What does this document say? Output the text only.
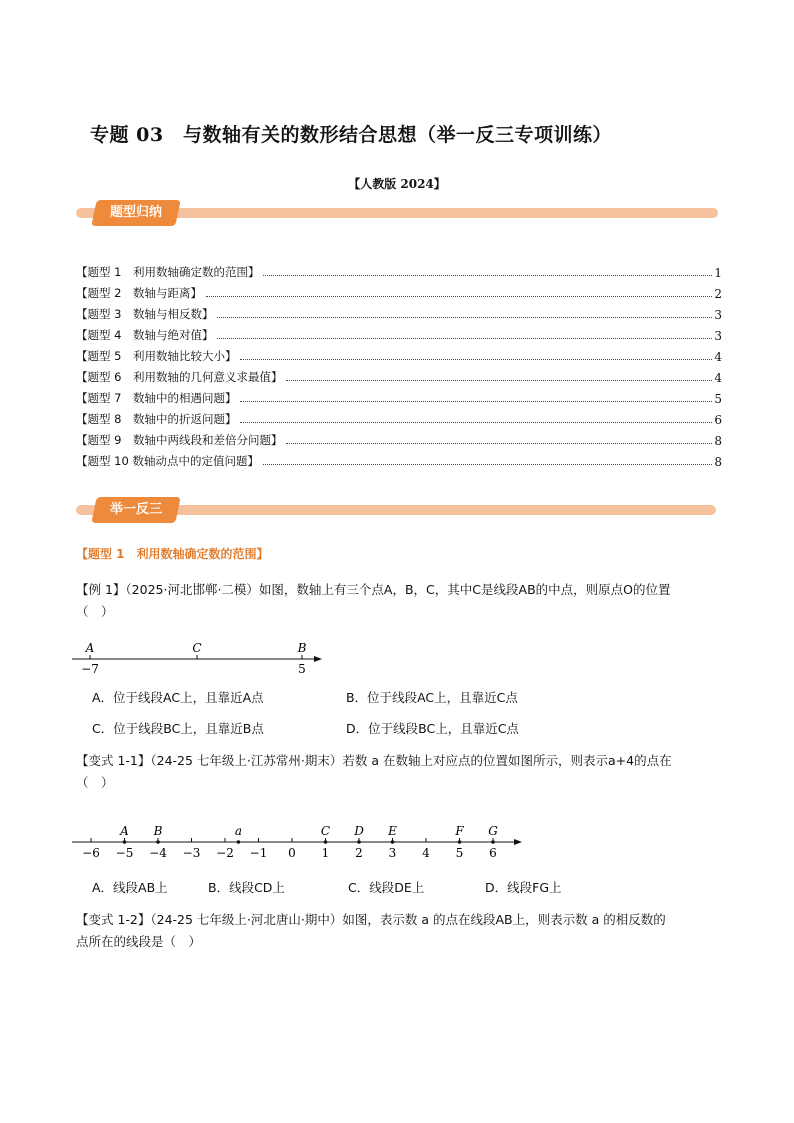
专题 03　与数轴有关的数形结合思想（举一反三专项训练）
【人教版 2024】
题型归纳
【题型 1　利用数轴确定数的范围】	1
【题型 2　数轴与距离】	2
【题型 3　数轴与相反数】	3
【题型 4　数轴与绝对值】	3
【题型 5　利用数轴比较大小】	4
【题型 6　利用数轴的几何意义求最值】	4
【题型 7　数轴中的相遇问题】	5
【题型 8　数轴中的折返问题】	6
【题型 9　数轴中两线段和差倍分问题】	8
【题型 10 数轴动点中的定值问题】	8
举一反三
【题型 1　利用数轴确定数的范围】
【例 1】（2025·河北邯郸·二模）如图，数轴上有三个点A，B，C，其中C是线段AB的中点，则原点O的位置
（　）
A	C	B
−7	5
A．位于线段AC上，且靠近A点	B．位于线段AC上，且靠近C点
C．位于线段BC上，且靠近B点	D．位于线段BC上，且靠近C点
【变式 1-1】（24-25 七年级上·江苏常州·期末）若数 a 在数轴上对应点的位置如图所示，则表示a+4的点在
（　）
−6 −5 −4 −3 −2 −1 0 1 2 3 4 5 6
A B	a	C D E	F G
A．线段AB上	B．线段CD上	C．线段DE上	D．线段FG上
【变式 1-2】（24-25 七年级上·河北唐山·期中）如图，表示数 a 的点在线段AB上，则表示数 a 的相反数的
点所在的线段是（　）
